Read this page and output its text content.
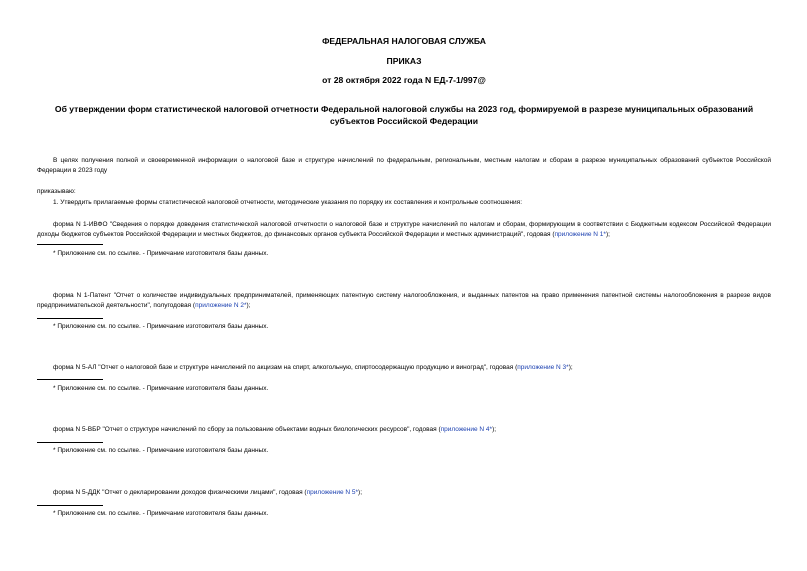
ФЕДЕРАЛЬНАЯ НАЛОГОВАЯ СЛУЖБА
ПРИКАЗ
от 28 октября 2022 года N ЕД-7-1/997@
Об утверждении форм статистической налоговой отчетности Федеральной налоговой службы на 2023 год, формируемой в разрезе муниципальных образований
субъектов Российской Федерации

В целях получения полной и своевременной информации о налоговой базе и структуре начислений по федеральным, региональным, местным налогам и сборам в разрезе муниципальных образований субъектов Российской Федерации в 2023 году

приказываю:

1. Утвердить прилагаемые формы статистической налоговой отчетности, методические указания по порядку их составления и контрольные соотношения:

форма N 1-ИВФО "Сведения о порядке доведения статистической налоговой отчетности о налоговой базе и структуре начислений по налогам и сборам, формирующим в соответствии с Бюджетным кодексом Российской Федерации доходы бюджетов субъектов Российской Федерации и местных бюджетов, до финансовых органов субъекта Российской Федерации и местных администраций", годовая (приложение N 1*);

* Приложение см. по ссылке. - Примечание изготовителя базы данных.

форма N 1-Патент "Отчет о количестве индивидуальных предпринимателей, применяющих патентную систему налогообложения, и выданных патентов на право применения патентной системы налогообложения в разрезе видов предпринимательской деятельности", полугодовая (приложение N 2*);

* Приложение см. по ссылке. - Примечание изготовителя базы данных.

форма N 5-АЛ "Отчет о налоговой базе и структуре начислений по акцизам на спирт, алкогольную, спиртосодержащую продукцию и виноград", годовая (приложение N 3*);

* Приложение см. по ссылке. - Примечание изготовителя базы данных.

форма N 5-ВБР "Отчет о структуре начислений по сбору за пользование объектами водных биологических ресурсов", годовая (приложение N 4*);

* Приложение см. по ссылке. - Примечание изготовителя базы данных.

форма N 5-ДДК "Отчет о декларировании доходов физическими лицами", годовая (приложение N 5*);

* Приложение см. по ссылке. - Примечание изготовителя базы данных.
